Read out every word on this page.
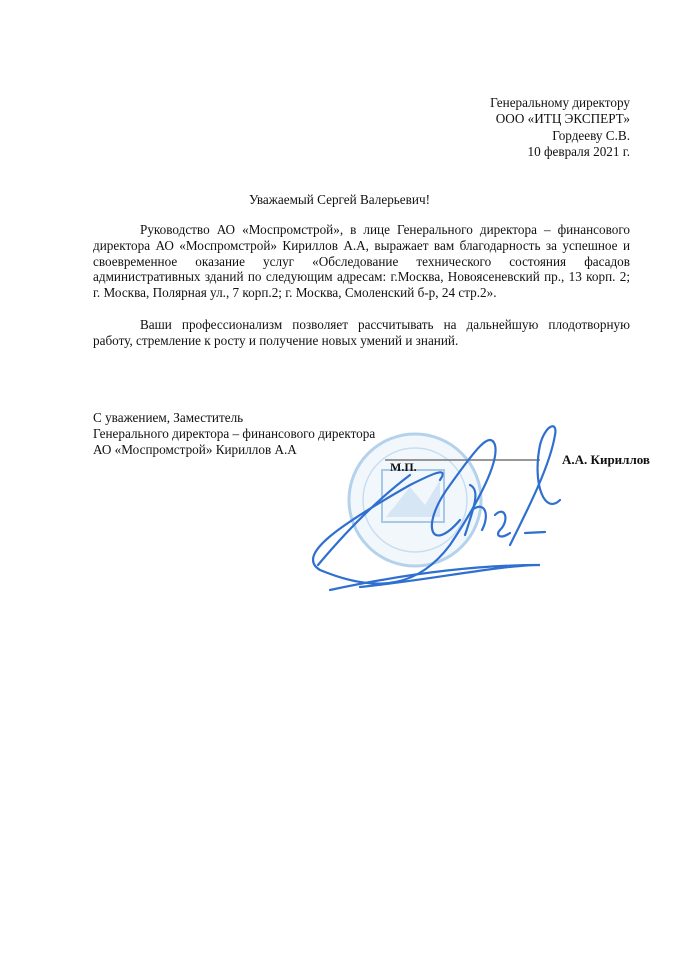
Генеральному директору
ООО «ИТЦ ЭКСПЕРТ»
Гордееву С.В.
10 февраля 2021 г.
Уважаемый Сергей Валерьевич!

Руководство АО «Моспромстрой», в лице Генерального директора – финансового директора АО «Моспромстрой» Кириллов А.А, выражает вам благодарность за успешное и своевременное оказание услуг «Обследование технического состояния фасадов административных зданий по следующим адресам: г.Москва, Новоясеневский пр., 13 корп. 2; г. Москва, Полярная ул., 7 корп.2; г. Москва, Смоленский б-р, 24 стр.2».

Ваши профессионализм позволяет рассчитывать на дальнейшую плодотворную работу, стремление к росту и получение новых умений и знаний.

С уважением, Заместитель
Генерального директора – финансового директора
АО «Моспромстрой» Кириллов А.А
М.П.	А.А. Кириллов
